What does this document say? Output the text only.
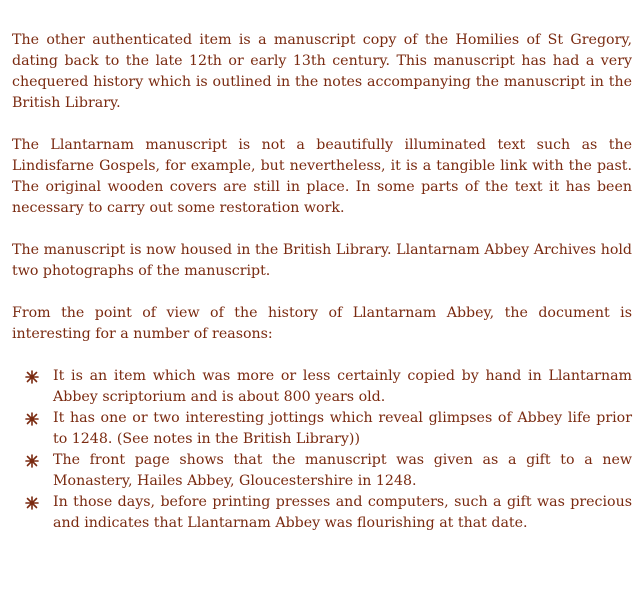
The other authenticated item is a manuscript copy of the Homilies of St Gregory, dating back to the late 12th or early 13th century. This manuscript has had a very chequered history which is outlined in the notes accompanying the manuscript in the British Library.

The Llantarnam manuscript is not a beautifully illuminated text such as the Lindisfarne Gospels, for example, but nevertheless, it is a tangible link with the past. The original wooden covers are still in place. In some parts of the text it has been necessary to carry out some restoration work.

The manuscript is now housed in the British Library. Llantarnam Abbey Archives hold two photographs of the manuscript.

From the point of view of the history of Llantarnam Abbey, the document is interesting for a number of reasons:

It is an item which was more or less certainly copied by hand in Llantarnam Abbey scriptorium and is about 800 years old.
It has one or two interesting jottings which reveal glimpses of Abbey life prior to 1248. (See notes in the British Library))
The front page shows that the manuscript was given as a gift to a new Monastery, Hailes Abbey, Gloucestershire in 1248.
In those days, before printing presses and computers, such a gift was precious and indicates that Llantarnam Abbey was flourishing at that date.
